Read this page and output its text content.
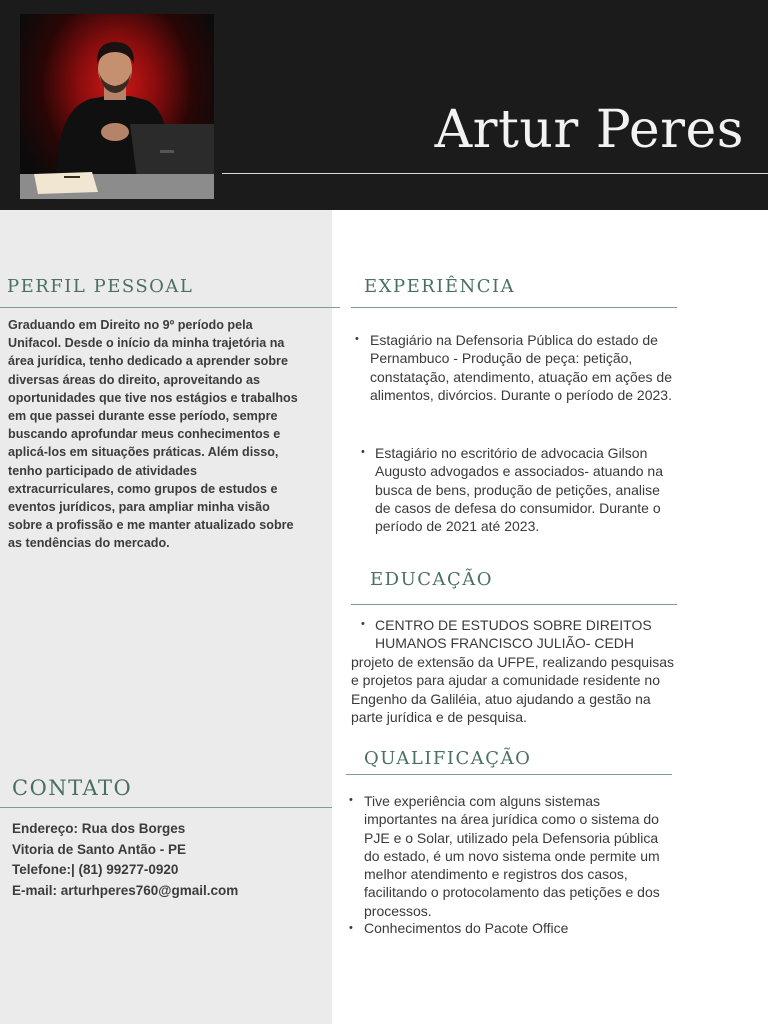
Artur Peres
PERFIL PESSOAL
Graduando em Direito no 9º período pela Unifacol. Desde o início da minha trajetória na área jurídica, tenho dedicado a aprender sobre diversas áreas do direito, aproveitando as oportunidades que tive nos estágios e trabalhos em que passei durante esse período, sempre buscando aprofundar meus conhecimentos e aplicá-los em situações práticas. Além disso, tenho participado de atividades extracurriculares, como grupos de estudos e eventos jurídicos, para ampliar minha visão sobre a profissão e me manter atualizado sobre as tendências do mercado.
CONTATO
Endereço: Rua dos Borges
Vitoria de Santo Antão - PE
Telefone:| (81) 99277-0920
E-mail: arturhperes760@gmail.com
EXPERIÊNCIA
• Estagiário na Defensoria Pública do estado de Pernambuco - Produção de peça: petição, constatação, atendimento, atuação em ações de alimentos, divórcios. Durante o período de 2023.
• Estagiário no escritório de advocacia Gilson Augusto advogados e associados- atuando na busca de bens, produção de petições, analise de casos de defesa do consumidor. Durante o período de 2021 até 2023.
EDUCAÇÃO
• CENTRO DE ESTUDOS SOBRE DIREITOS HUMANOS FRANCISCO JULIÃO- CEDH
projeto de extensão da UFPE, realizando pesquisas e projetos para ajudar a comunidade residente no Engenho da Galiléia, atuo ajudando a gestão na parte jurídica e de pesquisa.
QUALIFICAÇÃO
• Tive experiência com alguns sistemas importantes na área jurídica como o sistema do PJE e o Solar, utilizado pela Defensoria pública do estado, é um novo sistema onde permite um melhor atendimento e registros dos casos, facilitando o protocolamento das petições e dos processos.
• Conhecimentos do Pacote Office
